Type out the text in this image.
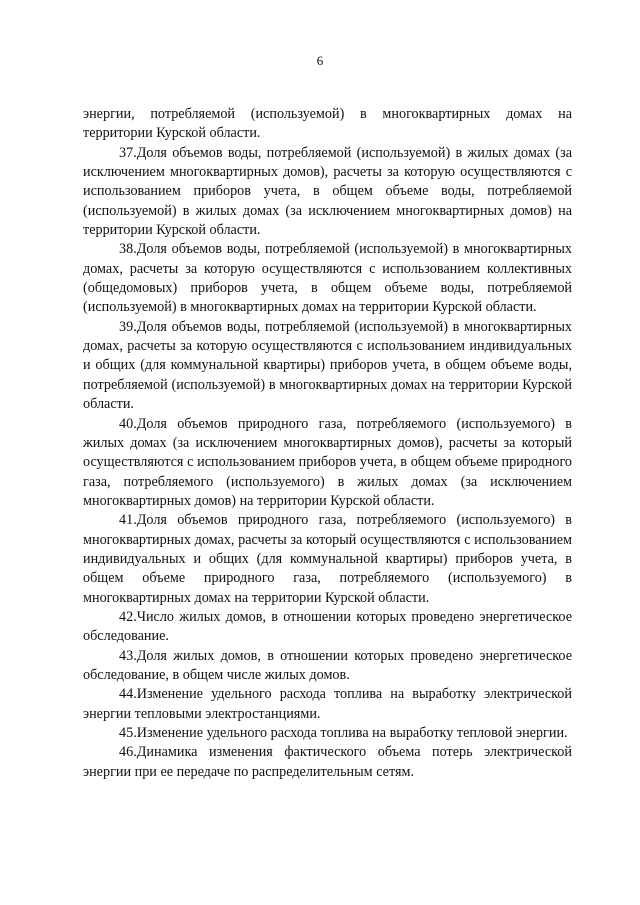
6

энергии, потребляемой (используемой) в многоквартирных домах на территории Курской области.

37.Доля объемов воды, потребляемой (используемой) в жилых домах (за исключением многоквартирных домов), расчеты за которую осуществляются с использованием приборов учета, в общем объеме воды, потребляемой (используемой) в жилых домах (за исключением многоквартирных домов) на территории Курской области.

38.Доля объемов воды, потребляемой (используемой) в многоквартирных домах, расчеты за которую осуществляются с использованием коллективных (общедомовых) приборов учета, в общем объеме воды, потребляемой (используемой) в многоквартирных домах на территории Курской области.

39.Доля объемов воды, потребляемой (используемой) в многоквартирных домах, расчеты за которую осуществляются с использованием индивидуальных и общих (для коммунальной квартиры) приборов учета, в общем объеме воды, потребляемой (используемой) в многоквартирных домах на территории Курской области.

40.Доля объемов природного газа, потребляемого (используемого) в жилых домах (за исключением многоквартирных домов), расчеты за который осуществляются с использованием приборов учета, в общем объеме природного газа, потребляемого (используемого) в жилых домах (за исключением многоквартирных домов) на территории Курской области.

41.Доля объемов природного газа, потребляемого (используемого) в многоквартирных домах, расчеты за который осуществляются с использованием индивидуальных и общих (для коммунальной квартиры) приборов учета, в общем объеме природного газа, потребляемого (используемого) в многоквартирных домах на территории Курской области.

42.Число жилых домов, в отношении которых проведено энергетическое обследование.

43.Доля жилых домов, в отношении которых проведено энергетическое обследование, в общем числе жилых домов.

44.Изменение удельного расхода топлива на выработку электрической энергии тепловыми электростанциями.

45.Изменение удельного расхода топлива на выработку тепловой энергии.

46.Динамика изменения фактического объема потерь электрической энергии при ее передаче по распределительным сетям.
